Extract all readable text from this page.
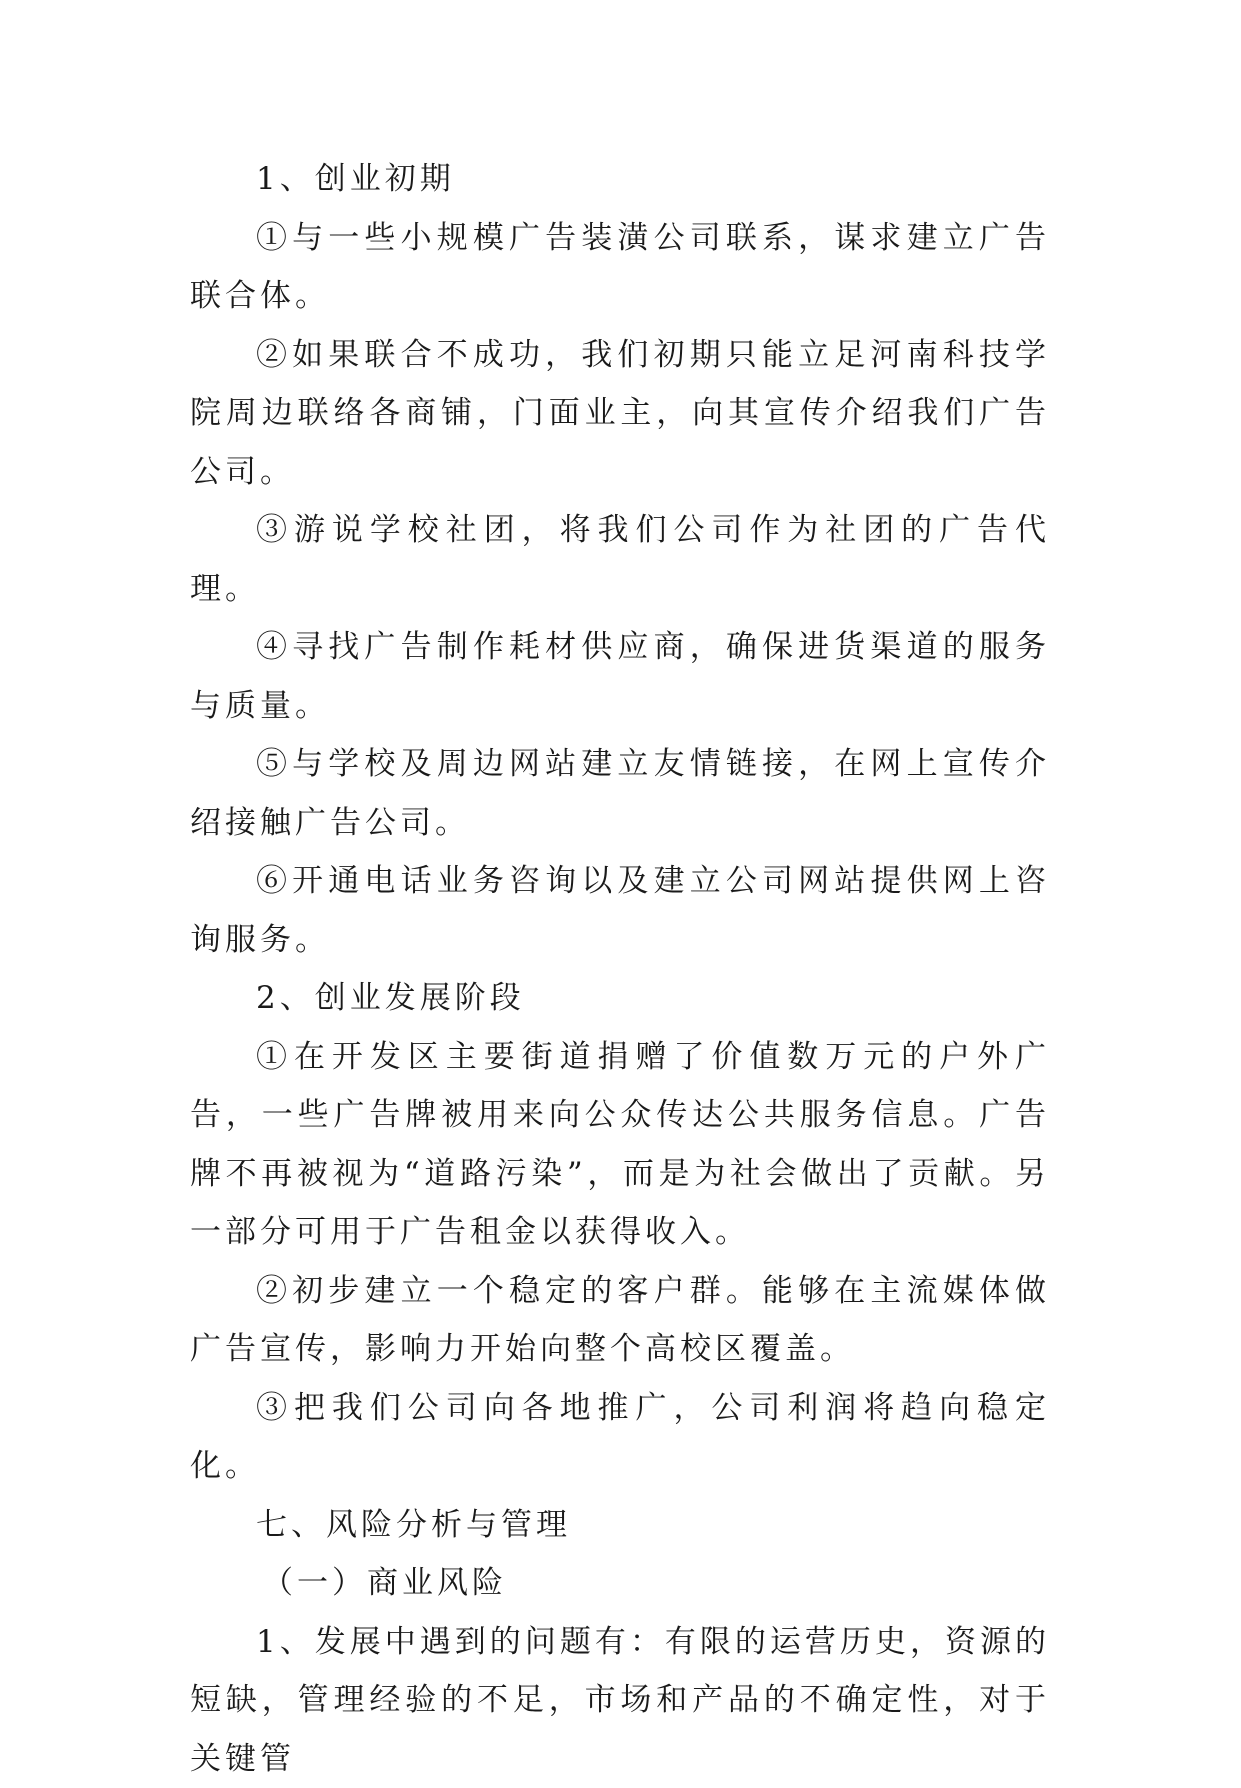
1、创业初期

①与一些小规模广告装潢公司联系，谋求建立广告联合体。

②如果联合不成功，我们初期只能立足河南科技学院周边联络各商铺，门面业主，向其宣传介绍我们广告公司。

③游说学校社团，将我们公司作为社团的广告代理。

④寻找广告制作耗材供应商，确保进货渠道的服务与质量。

⑤与学校及周边网站建立友情链接，在网上宣传介绍接触广告公司。

⑥开通电话业务咨询以及建立公司网站提供网上咨询服务。

2、创业发展阶段

①在开发区主要街道捐赠了价值数万元的户外广告，一些广告牌被用来向公众传达公共服务信息。广告牌不再被视为“道路污染”，而是为社会做出了贡献。另一部分可用于广告租金以获得收入。

②初步建立一个稳定的客户群。能够在主流媒体做广告宣传，影响力开始向整个高校区覆盖。

③把我们公司向各地推广，公司利润将趋向稳定化。

七、风险分析与管理

（一）商业风险

1、发展中遇到的问题有：有限的运营历史，资源的短缺，管理经验的不足，市场和产品的不确定性，对于关键管
